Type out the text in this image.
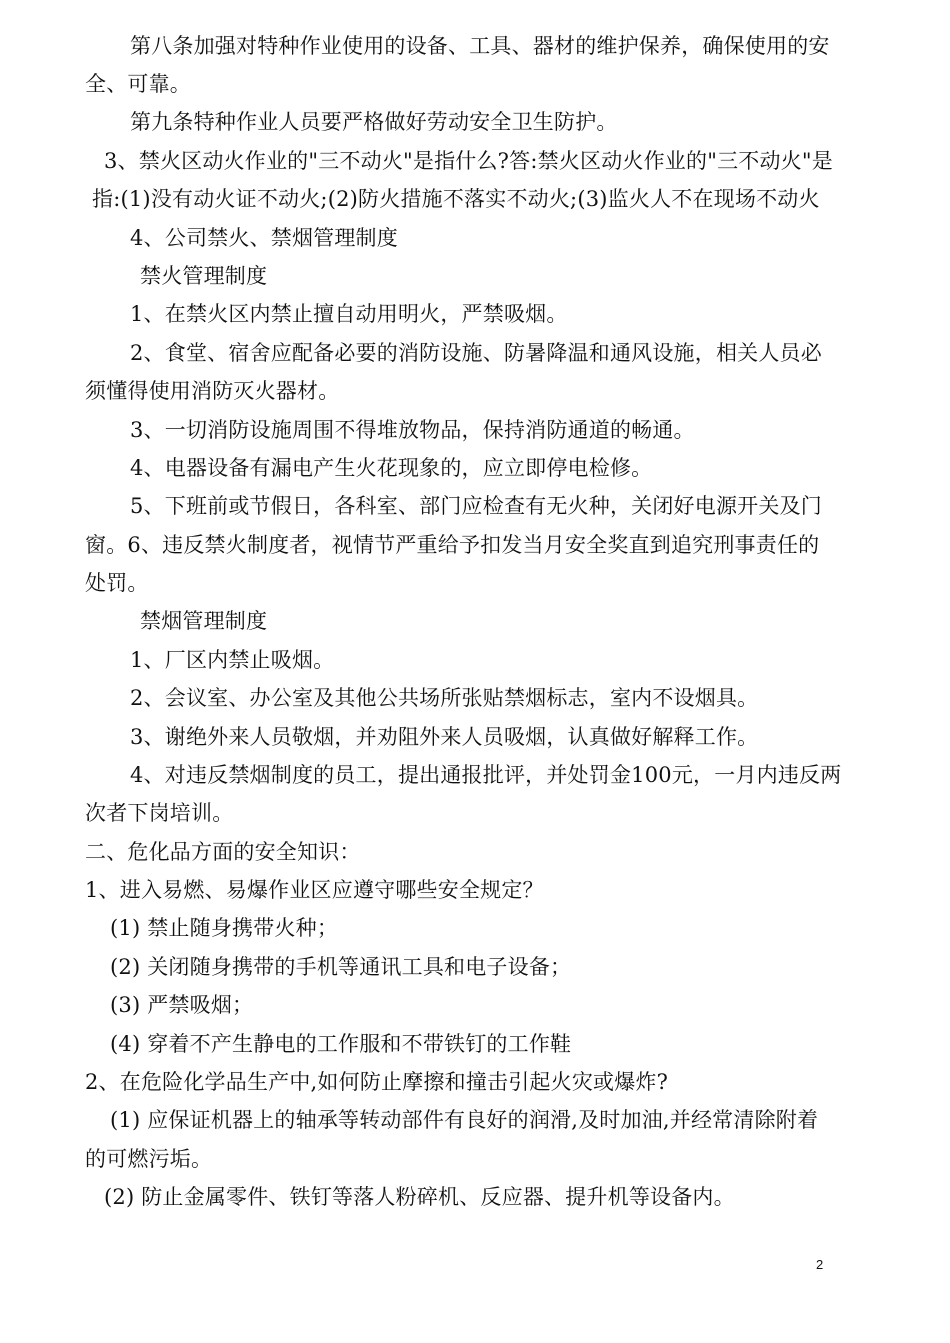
第八条加强对特种作业使用的设备、工具、器材的维护保养，确保使用的安
全、可靠。
第九条特种作业人员要严格做好劳动安全卫生防护。
3、禁火区动火作业的"三不动火"是指什么?答:禁火区动火作业的"三不动火"是
指:(1)没有动火证不动火;(2)防火措施不落实不动火;(3)监火人不在现场不动火
4、公司禁火、禁烟管理制度
禁火管理制度
1、在禁火区内禁止擅自动用明火，严禁吸烟。
2、食堂、宿舍应配备必要的消防设施、防暑降温和通风设施，相关人员必
须懂得使用消防灭火器材。
3、一切消防设施周围不得堆放物品，保持消防通道的畅通。
4、电器设备有漏电产生火花现象的，应立即停电检修。
5、下班前或节假日，各科室、部门应检查有无火种，关闭好电源开关及门
窗。6、违反禁火制度者，视情节严重给予扣发当月安全奖直到追究刑事责任的
处罚。
禁烟管理制度
1、厂区内禁止吸烟。
2、会议室、办公室及其他公共场所张贴禁烟标志，室内不设烟具。
3、谢绝外来人员敬烟，并劝阻外来人员吸烟，认真做好解释工作。
4、对违反禁烟制度的员工，提出通报批评，并处罚金100元，一月内违反两
次者下岗培训。
二、危化品方面的安全知识：
1、进入易燃、易爆作业区应遵守哪些安全规定？
(1) 禁止随身携带火种；
(2) 关闭随身携带的手机等通讯工具和电子设备；
(3) 严禁吸烟；
(4) 穿着不产生静电的工作服和不带铁钉的工作鞋
2、在危险化学品生产中,如何防止摩擦和撞击引起火灾或爆炸?
(1) 应保证机器上的轴承等转动部件有良好的润滑,及时加油,并经常清除附着
的可燃污垢。
(2) 防止金属零件、铁钉等落人粉碎机、反应器、提升机等设备内。
2
